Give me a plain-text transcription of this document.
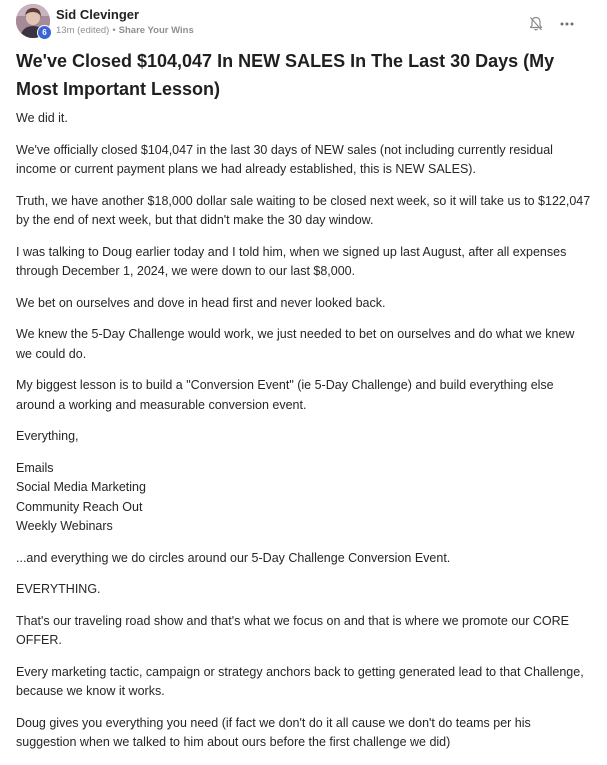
6
Sid Clevinger
13m (edited) • Share Your Wins
We've Closed $104,047 In NEW SALES In The Last 30 Days (My Most Important Lesson)

We did it.

We've officially closed $104,047 in the last 30 days of NEW sales (not including currently residual income or current payment plans we had already established, this is NEW SALES).

Truth, we have another $18,000 dollar sale waiting to be closed next week, so it will take us to $122,047 by the end of next week, but that didn't make the 30 day window.

I was talking to Doug earlier today and I told him, when we signed up last August, after all expenses through December 1, 2024, we were down to our last $8,000.

We bet on ourselves and dove in head first and never looked back.

We knew the 5-Day Challenge would work, we just needed to bet on ourselves and do what we knew we could do.

My biggest lesson is to build a "Conversion Event" (ie 5-Day Challenge) and build everything else around a working and measurable conversion event.

Everything,

Emails
Social Media Marketing
Community Reach Out
Weekly Webinars

...and everything we do circles around our 5-Day Challenge Conversion Event.

EVERYTHING.

That's our traveling road show and that's what we focus on and that is where we promote our CORE OFFER.

Every marketing tactic, campaign or strategy anchors back to getting generated lead to that Challenge, because we know it works.

Doug gives you everything you need (if fact we don't do it all cause we don't do teams per his suggestion when we talked to him about ours before the first challenge we did)
